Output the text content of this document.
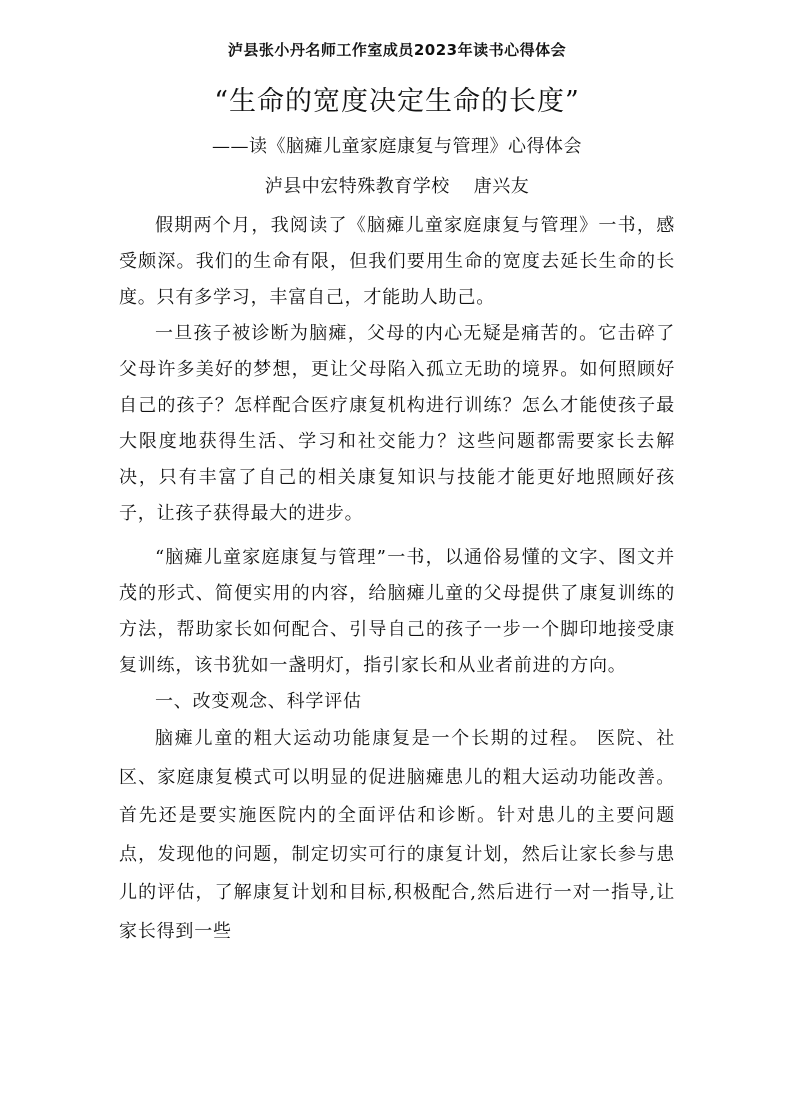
泸县张小丹名师工作室成员2023年读书心得体会
“生命的宽度决定生命的长度”
——读《脑瘫儿童家庭康复与管理》心得体会
泸县中宏特殊教育学校 唐兴友

假期两个月，我阅读了《脑瘫儿童家庭康复与管理》一书，感受颇深。我们的生命有限，但我们要用生命的宽度去延长生命的长度。只有多学习，丰富自己，才能助人助己。

一旦孩子被诊断为脑瘫，父母的内心无疑是痛苦的。它击碎了父母许多美好的梦想，更让父母陷入孤立无助的境界。如何照顾好自己的孩子？怎样配合医疗康复机构进行训练？怎么才能使孩子最大限度地获得生活、学习和社交能力？这些问题都需要家长去解决，只有丰富了自己的相关康复知识与技能才能更好地照顾好孩子，让孩子获得最大的进步。

“脑瘫儿童家庭康复与管理”一书，以通俗易懂的文字、图文并茂的形式、简便实用的内容，给脑瘫儿童的父母提供了康复训练的方法，帮助家长如何配合、引导自己的孩子一步一个脚印地接受康复训练，该书犹如一盏明灯，指引家长和从业者前进的方向。

一、改变观念、科学评估

脑瘫儿童的粗大运动功能康复是一个长期的过程。 医院、社区、家庭康复模式可以明显的促进脑瘫患儿的粗大运动功能改善。首先还是要实施医院内的全面评估和诊断。针对患儿的主要问题点，发现他的问题，制定切实可行的康复计划，然后让家长参与患儿的评估，了解康复计划和目标,积极配合,然后进行一对一指导,让家长得到一些
